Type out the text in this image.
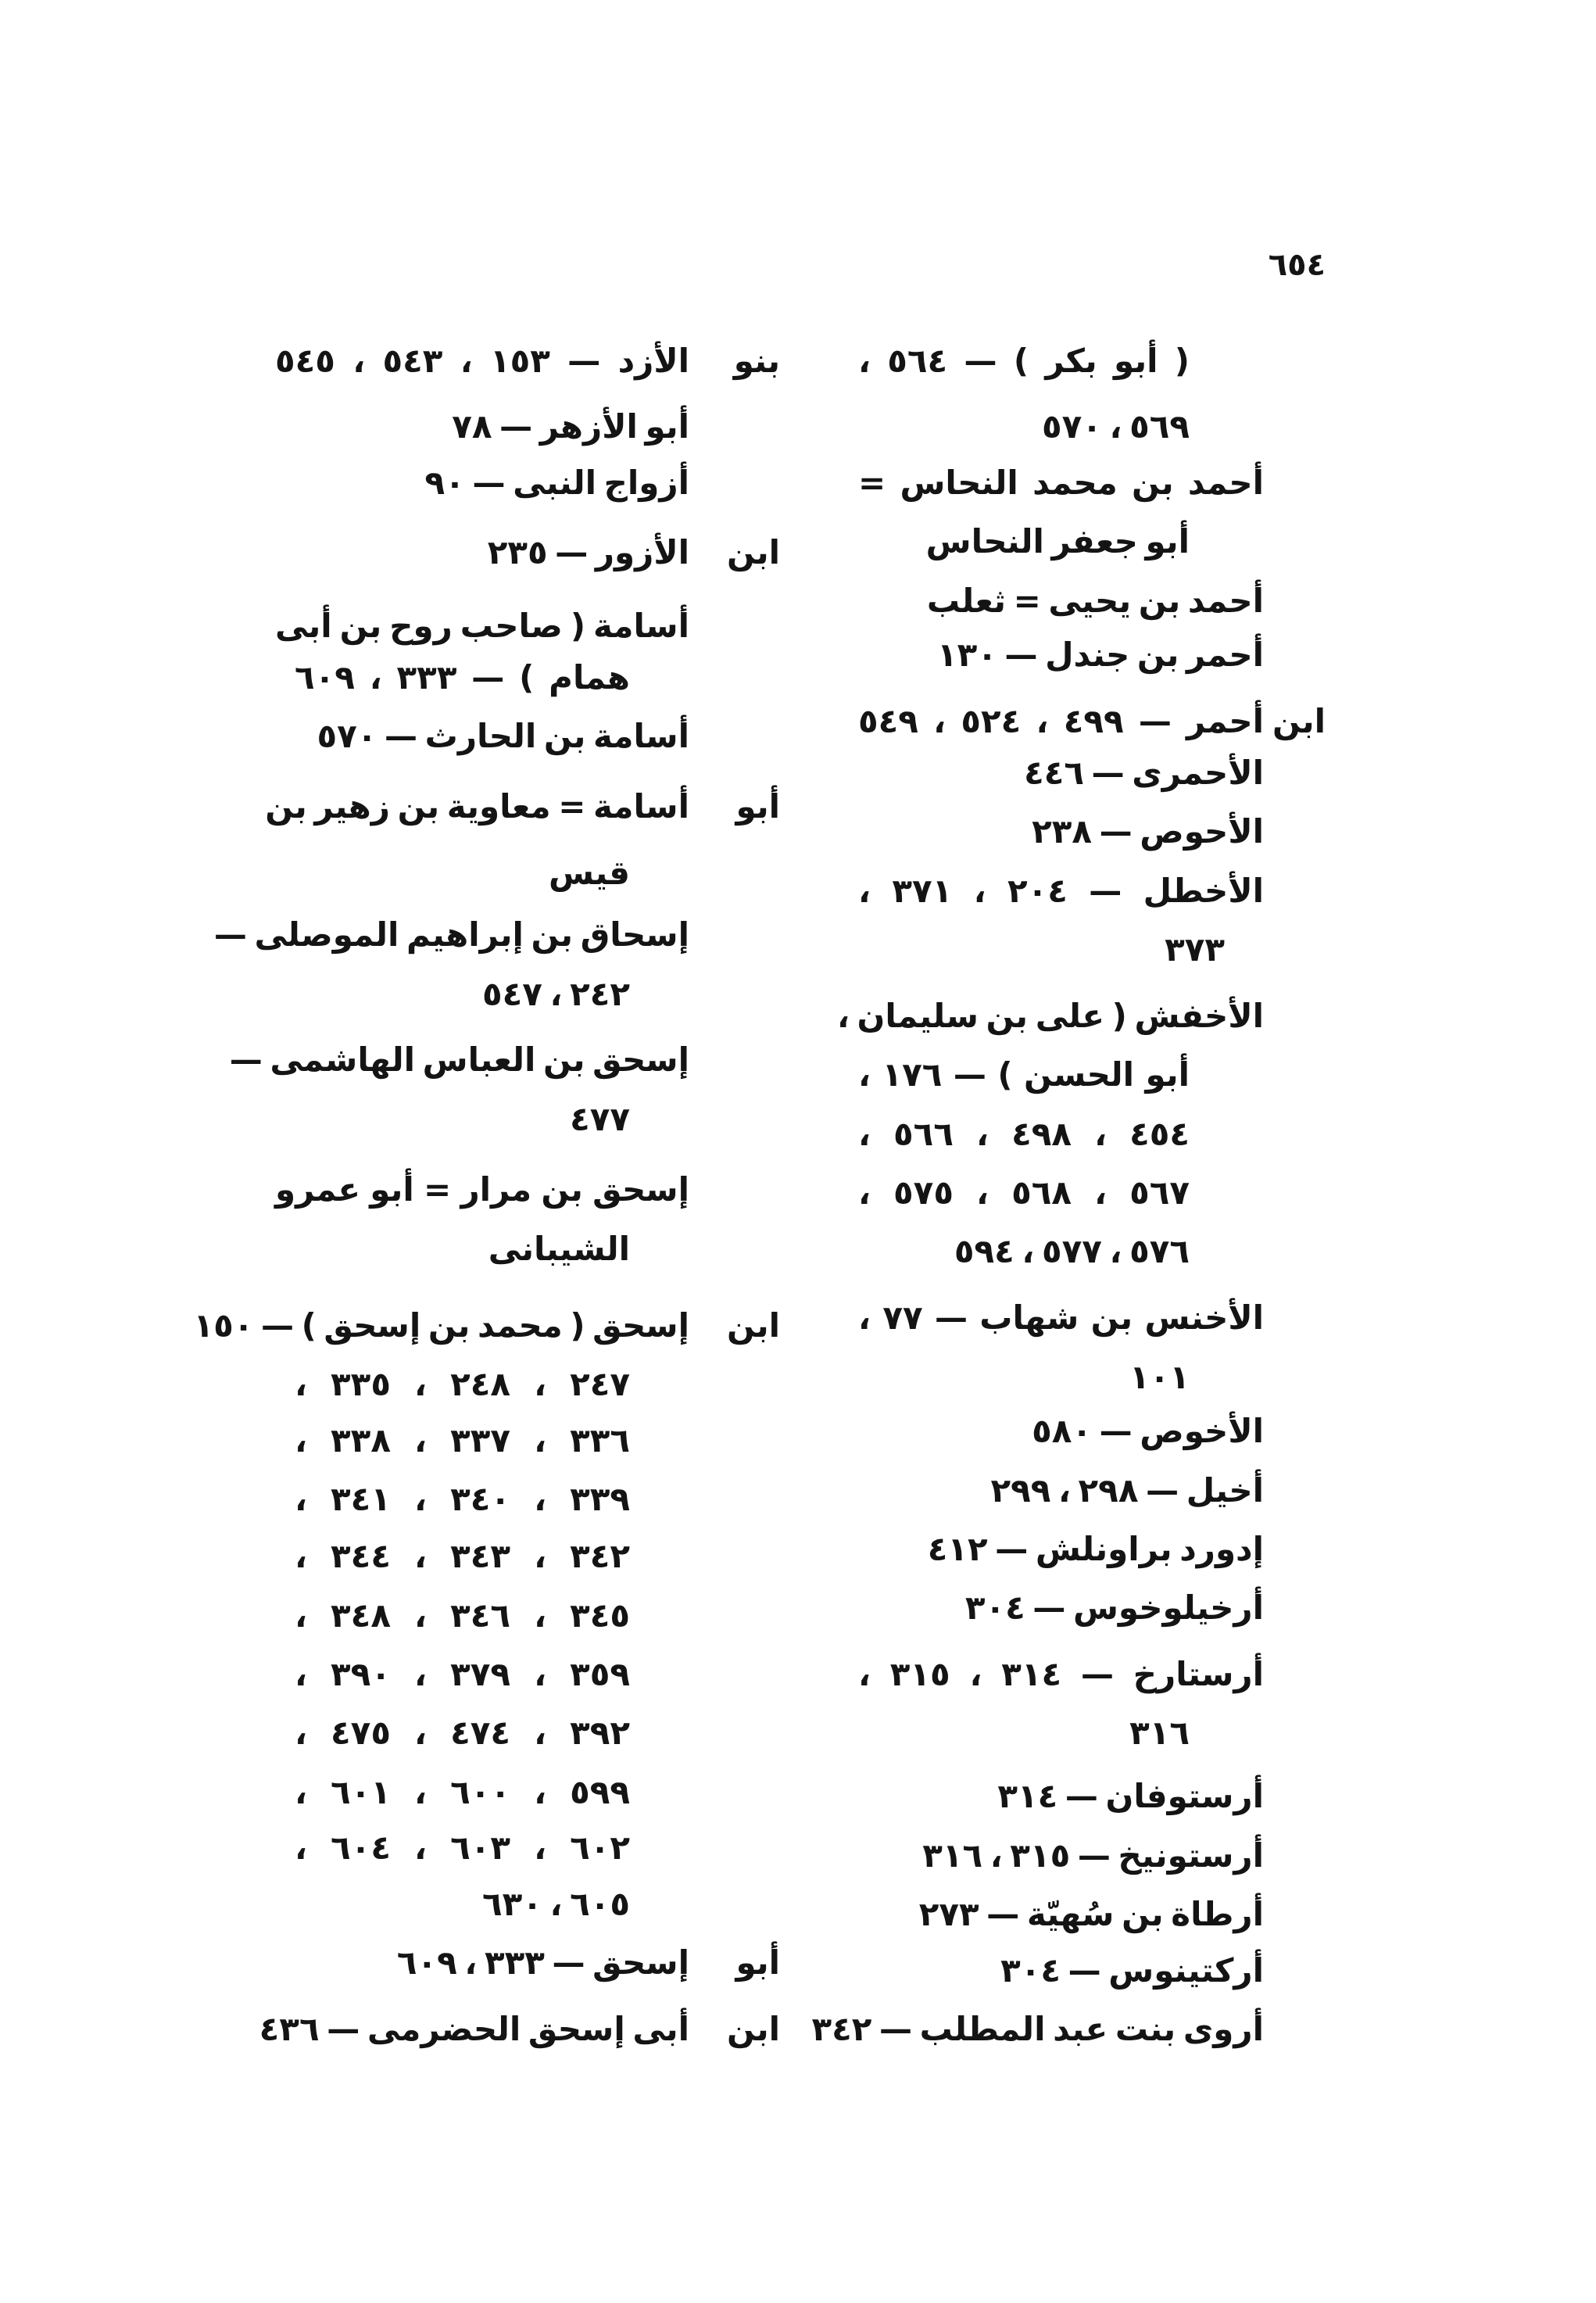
٦٥٤
( أبو بكر ) — ٥٦٤ ،
٥٦٩ ، ٥٧٠
أحمد بن محمد النحاس =
أبو جعفر النحاس
أحمد بن يحيى = ثعلب
أحمر بن جندل — ١٣٠
ابن
أحمر — ٤٩٩ ، ٥٢٤ ، ٥٤٩
الأحمرى — ٤٤٦
الأحوص — ٢٣٨
الأخطل — ٢٠٤ ، ٣٧١ ،
٣٧٣
الأخفش ( على بن سليمان ،
أبو الحسن ) — ١٧٦ ،
٤٥٤ ، ٤٩٨ ، ٥٦٦ ،
٥٦٧ ، ٥٦٨ ، ٥٧٥ ،
٥٧٦ ، ٥٧٧ ، ٥٩٤
الأخنس بن شهاب — ٧٧ ،
١٠١
الأخوص — ٥٨٠
أخيل — ٢٩٨ ، ٢٩٩
إدورد براونلش — ٤١٢
أرخيلوخوس — ٣٠٤
أرستارخ — ٣١٤ ، ٣١٥ ،
٣١٦
أرستوفان — ٣١٤
أرستونيخ — ٣١٥ ، ٣١٦
أرطاة بن سُهيّة — ٢٧٣
أركتينوس — ٣٠٤
أروى بنت عبد المطلب — ٣٤٢
بنو
الأزد — ١٥٣ ، ٥٤٣ ، ٥٤٥
أبو الأزهر — ٧٨
أزواج النبى — ٩٠
ابن
الأزور — ٢٣٥
أسامة ( صاحب روح بن أبى
همام ) — ٣٣٣ ، ٦٠٩
أسامة بن الحارث — ٥٧٠
أبو
أسامة = معاوية بن زهير بن
قيس
إسحاق بن إبراهيم الموصلى —
٢٤٢ ، ٥٤٧
إسحق بن العباس الهاشمى —
٤٧٧
إسحق بن مرار = أبو عمرو
الشيبانى
ابن
إسحق ( محمد بن إسحق ) — ١٥٠
٢٤٧ ، ٢٤٨ ، ٣٣٥ ،
٣٣٦ ، ٣٣٧ ، ٣٣٨ ،
٣٣٩ ، ٣٤٠ ، ٣٤١ ،
٣٤٢ ، ٣٤٣ ، ٣٤٤ ،
٣٤٥ ، ٣٤٦ ، ٣٤٨ ،
٣٥٩ ، ٣٧٩ ، ٣٩٠ ،
٣٩٢ ، ٤٧٤ ، ٤٧٥ ،
٥٩٩ ، ٦٠٠ ، ٦٠١ ،
٦٠٢ ، ٦٠٣ ، ٦٠٤ ،
٦٠٥ ، ٦٣٠
أبو
إسحق — ٣٣٣ ، ٦٠٩
ابن
أبى إسحق الحضرمى — ٤٣٦
